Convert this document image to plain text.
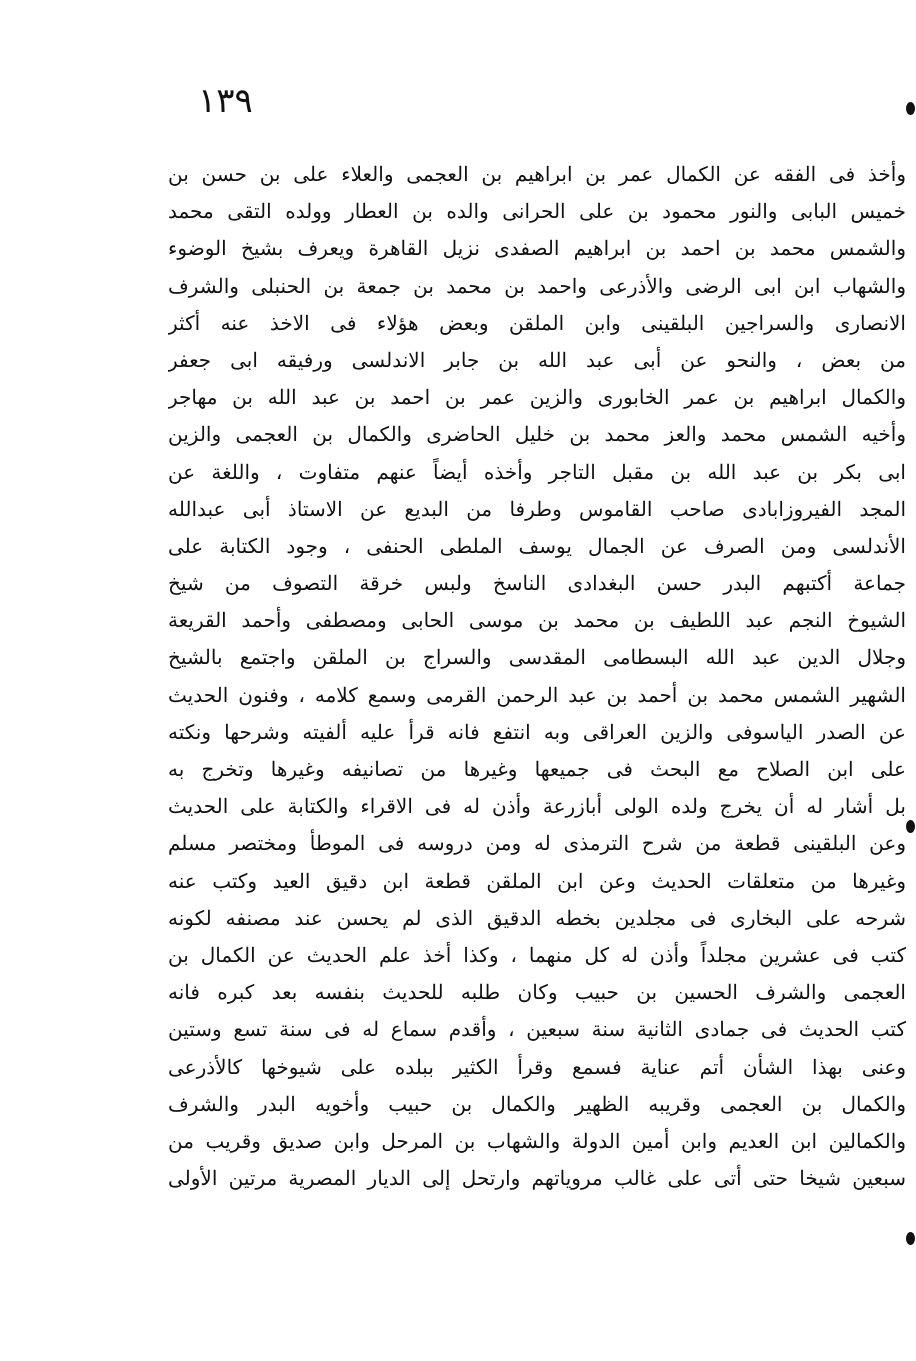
١٣٩
وأخذ فى الفقه عن الكمال عمر بن ابراهيم بن العجمى والعلاء على بن حسن بن
خميس البابى والنور محمود بن على الحرانى والده بن العطار وولده التقى محمد
والشمس محمد بن احمد بن ابراهيم الصفدى نزيل القاهرة ويعرف بشيخ الوضوء
والشهاب ابن ابى الرضى والأذرعى واحمد بن محمد بن جمعة بن الحنبلى والشرف
الانصارى والسراجين البلقينى وابن الملقن وبعض هؤلاء فى الاخذ عنه أكثر
من بعض ، والنحو عن أبى عبد الله بن جابر الاندلسى ورفيقه ابى جعفر
والكمال ابراهيم بن عمر الخابورى والزين عمر بن احمد بن عبد الله بن مهاجر
وأخيه الشمس محمد والعز محمد بن خليل الحاضرى والكمال بن العجمى والزين
ابى بكر بن عبد الله بن مقبل التاجر وأخذه أيضاً عنهم متفاوت ، واللغة عن
المجد الفيروزابادى صاحب القاموس وطرفا من البديع عن الاستاذ أبى عبدالله
الأندلسى ومن الصرف عن الجمال يوسف الملطى الحنفى ، وجود الكتابة على
جماعة أكتبهم البدر حسن البغدادى الناسخ ولبس خرقة التصوف من شيخ
الشيوخ النجم عبد اللطيف بن محمد بن موسى الحابى ومصطفى وأحمد القريعة
وجلال الدين عبد الله البسطامى المقدسى والسراج بن الملقن واجتمع بالشيخ
الشهير الشمس محمد بن أحمد بن عبد الرحمن القرمى وسمع كلامه ، وفنون الحديث
عن الصدر الياسوفى والزين العراقى وبه انتفع فانه قرأ عليه ألفيته وشرحها ونكته
على ابن الصلاح مع البحث فى جميعها وغيرها من تصانيفه وغيرها وتخرج به
بل أشار له أن يخرج ولده الولى أبازرعة وأذن له فى الاقراء والكتابة على الحديث
وعن البلقينى قطعة من شرح الترمذى له ومن دروسه فى الموطأ ومختصر مسلم
وغيرها من متعلقات الحديث وعن ابن الملقن قطعة ابن دقيق العيد وكتب عنه
شرحه على البخارى فى مجلدين بخطه الدقيق الذى لم يحسن عند مصنفه لكونه
كتب فى عشرين مجلداً وأذن له كل منهما ، وكذا أخذ علم الحديث عن الكمال بن
العجمى والشرف الحسين بن حبيب وكان طلبه للحديث بنفسه بعد كبره فانه
كتب الحديث فى جمادى الثانية سنة سبعين ، وأقدم سماع له فى سنة تسع وستين
وعنى بهذا الشأن أتم عناية فسمع وقرأ الكثير ببلده على شيوخها كالأذرعى
والكمال بن العجمى وقريبه الظهير والكمال بن حبيب وأخويه البدر والشرف
والكمالين ابن العديم وابن أمين الدولة والشهاب بن المرحل وابن صديق وقريب من
سبعين شيخا حتى أتى على غالب مروياتهم وارتحل إلى الديار المصرية مرتين الأولى
